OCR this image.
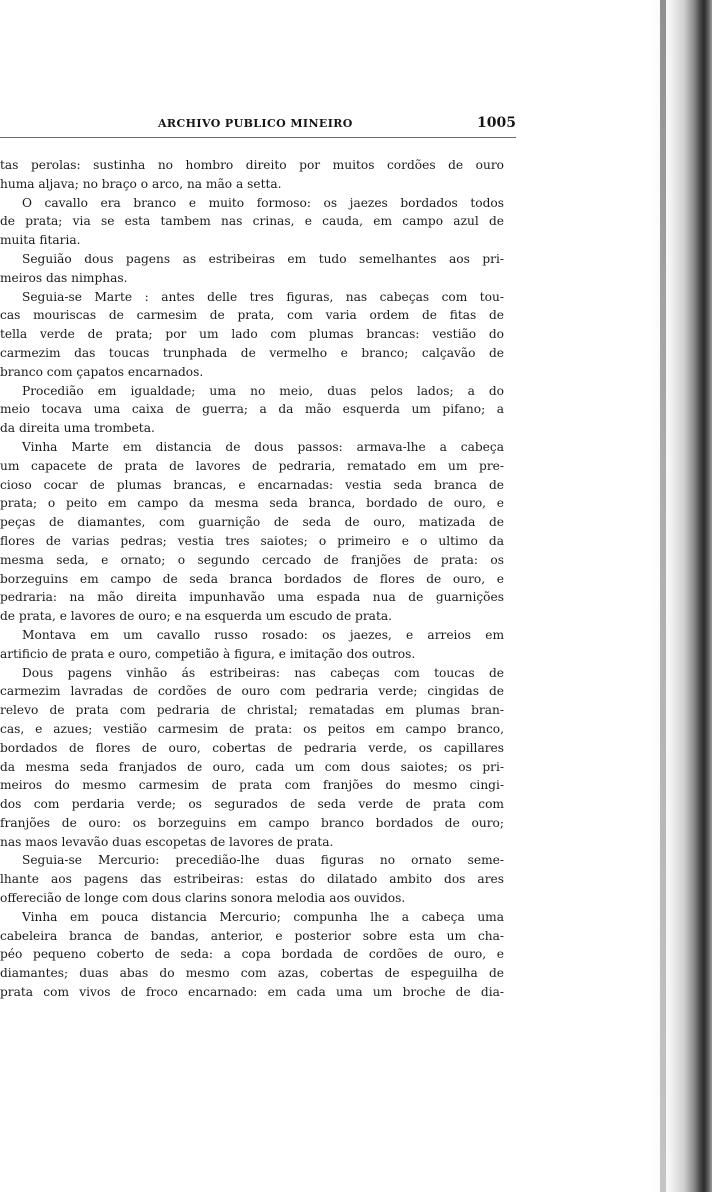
ARCHIVO PUBLICO MINEIRO	1005
tas perolas: sustinha no hombro direito por muitos cordões de ouro
huma aljava; no braço o arco, na mão a setta.
O cavallo era branco e muito formoso: os jaezes bordados todos
de prata; via se esta tambem nas crinas, e cauda, em campo azul de
muita fitaria.
Seguião dous pagens as estribeiras em tudo semelhantes aos pri-
meiros das nimphas.
Seguia-se Marte : antes delle tres figuras, nas cabeças com tou-
cas mouriscas de carmesim de prata, com varia ordem de fitas de
tella verde de prata; por um lado com plumas brancas: vestião do
carmezim das toucas trunphada de vermelho e branco; calçavão de
branco com çapatos encarnados.
Procedião em igualdade; uma no meio, duas pelos lados; a do
meio tocava uma caixa de guerra; a da mão esquerda um pifano; a
da direita uma trombeta.
Vinha Marte em distancia de dous passos: armava-lhe a cabeça
um capacete de prata de lavores de pedraria, rematado em um pre-
cioso cocar de plumas brancas, e encarnadas: vestia seda branca de
prata; o peito em campo da mesma seda branca, bordado de ouro, e
peças de diamantes, com guarnição de seda de ouro, matizada de
flores de varias pedras; vestia tres saiotes; o primeiro e o ultimo da
mesma seda, e ornato; o segundo cercado de franjões de prata: os
borzeguins em campo de seda branca bordados de flores de ouro, e
pedraria: na mão direita impunhavão uma espada nua de guarnições
de prata, e lavores de ouro; e na esquerda um escudo de prata.
Montava em um cavallo russo rosado: os jaezes, e arreios em
artificio de prata e ouro, competião à figura, e imitação dos outros.
Dous pagens vinhão ás estribeiras: nas cabeças com toucas de
carmezim lavradas de cordões de ouro com pedraria verde; cingidas de
relevo de prata com pedraria de christal; rematadas em plumas bran-
cas, e azues; vestião carmesim de prata: os peitos em campo branco,
bordados de flores de ouro, cobertas de pedraria verde, os capillares
da mesma seda franjados de ouro, cada um com dous saiotes; os pri-
meiros do mesmo carmesim de prata com franjões do mesmo cingi-
dos com perdaria verde; os segurados de seda verde de prata com
franjões de ouro: os borzeguins em campo branco bordados de ouro;
nas maos levavão duas escopetas de lavores de prata.
Seguia-se Mercurio: precedião-lhe duas figuras no ornato seme-
lhante aos pagens das estribeiras: estas do dilatado ambito dos ares
offerecião de longe com dous clarins sonora melodia aos ouvidos.
Vinha em pouca distancia Mercurio; compunha lhe a cabeça uma
cabeleira branca de bandas, anterior, e posterior sobre esta um cha-
péo pequeno coberto de seda: a copa bordada de cordões de ouro, e
diamantes; duas abas do mesmo com azas, cobertas de espeguilha de
prata com vivos de froco encarnado: em cada uma um broche de dia-
